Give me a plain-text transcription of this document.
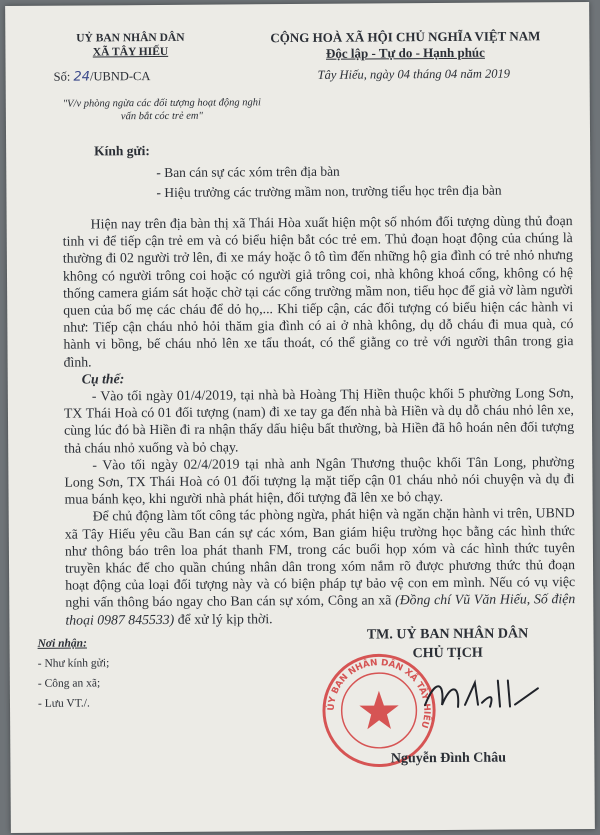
UỶ BAN NHÂN DÂN
XÃ TÂY HIẾU
CỘNG HOÀ XÃ HỘI CHỦ NGHĨA VIỆT NAM
Độc lập - Tự do - Hạnh phúc
Số: 24/UBND-CA	Tây Hiếu, ngày 04 tháng 04 năm 2019
"V/v phòng ngừa các đối tượng hoạt động nghi vấn bắt cóc trẻ em"
Kính gửi:
- Ban cán sự các xóm trên địa bàn
- Hiệu trưởng các trường mầm non, trường tiểu học trên địa bàn

Hiện nay trên địa bàn thị xã Thái Hòa xuất hiện một số nhóm đối tượng dùng thủ đoạn tinh vi để tiếp cận trẻ em và có biểu hiện bắt cóc trẻ em. Thủ đoạn hoạt động của chúng là thường đi 02 người trở lên, đi xe máy hoặc ô tô tìm đến những hộ gia đình có trẻ nhỏ nhưng không có người trông coi hoặc có người giả trông coi, nhà không khoá cổng, không có hệ thống camera giám sát hoặc chờ tại các cổng trường mầm non, tiểu học để giả vờ làm người quen của bố mẹ các cháu để dỏ họ,... Khi tiếp cận, các đối tượng có biểu hiện các hành vi như: Tiếp cận cháu nhỏ hỏi thăm gia đình có ai ở nhà không, dụ dỗ cháu đi mua quà, có hành vi bồng, bế cháu nhỏ lên xe tẩu thoát, có thể giằng co trẻ với người thân trong gia đình.

Cụ thể:

- Vào tối ngày 01/4/2019, tại nhà bà Hoàng Thị Hiền thuộc khối 5 phường Long Sơn, TX Thái Hoà có 01 đối tượng (nam) đi xe tay ga đến nhà bà Hiền và dụ dỗ cháu nhỏ lên xe, cùng lúc đó bà Hiền đi ra nhận thấy dấu hiệu bất thường, bà Hiền đã hô hoán nên đối tượng thả cháu nhỏ xuống và bỏ chạy.

- Vào tối ngày 02/4/2019 tại nhà anh Ngân Thương thuộc khối Tân Long, phường Long Sơn, TX Thái Hoà có 01 đối tượng lạ mặt tiếp cận 01 cháu nhỏ nói chuyện và dụ đi mua bánh kẹo, khi người nhà phát hiện, đối tượng đã lên xe bỏ chạy.

Để chủ động làm tốt công tác phòng ngừa, phát hiện và ngăn chặn hành vi trên, UBND xã Tây Hiếu yêu cầu Ban cán sự các xóm, Ban giám hiệu trường học bằng các hình thức như thông báo trên loa phát thanh FM, trong các buổi họp xóm và các hình thức tuyên truyền khác để cho quần chúng nhân dân trong xóm nắm rõ được phương thức thủ đoạn hoạt động của loại đối tượng này và có biện pháp tự bảo vệ con em mình. Nếu có vụ việc nghi vấn thông báo ngay cho Ban cán sự xóm, Công an xã (Đồng chí Vũ Văn Hiếu, Số điện thoại 0987 845533) để xử lý kịp thời.

Nơi nhận:
- Như kính gửi;
- Công an xã;
- Lưu VT./.
TM. UỶ BAN NHÂN DÂN
ỦY BAN NHÂN DÂN XÃ TÂY HIẾU
CHỦ TỊCH
Nguyễn Đình Châu
